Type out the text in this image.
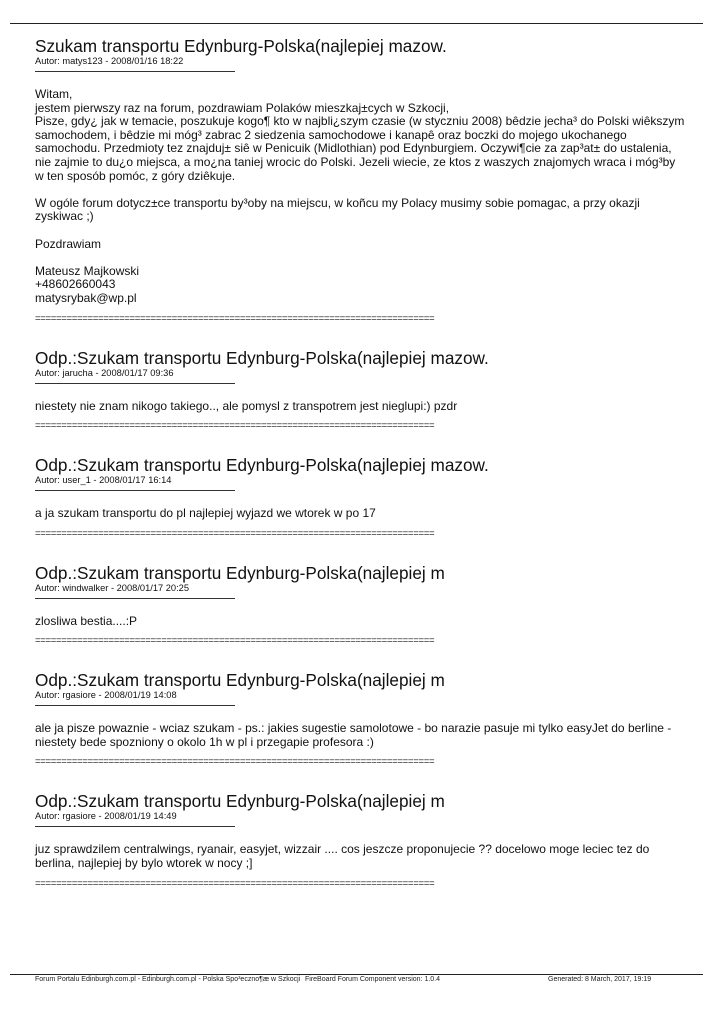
Szukam transportu Edynburg-Polska(najlepiej mazow.
Autor: matys123 - 2008/01/16 18:22

Witam,
jestem pierwszy raz na forum, pozdrawiam Polaków mieszkaj±cych w Szkocji,
Pisze, gdy¿ jak w temacie, poszukuje kogo¶ kto w najbli¿szym czasie (w styczniu 2008) bêdzie jecha³ do Polski wiêkszym samochodem, i bêdzie mi móg³ zabrac 2 siedzenia samochodowe i kanapê oraz boczki do mojego ukochanego samochodu. Przedmioty tez znajduj± siê w Penicuik (Midlothian) pod Edynburgiem. Oczywi¶cie za zap³at± do ustalenia, nie zajmie to du¿o miejsca, a mo¿na taniej wrocic do Polski. Jezeli wiecie, ze ktos z waszych znajomych wraca i móg³by w ten sposób pomóc, z góry dziêkuje.

W ogóle forum dotycz±ce transportu by³oby na miejscu, w koñcu my Polacy musimy sobie pomagac, a przy okazji zyskiwac ;)

Pozdrawiam

Mateusz Majkowski
+48602660043
matysrybak@wp.pl

============================================================================
Odp.:Szukam transportu Edynburg-Polska(najlepiej mazow.
Autor: jarucha - 2008/01/17 09:36

niestety nie znam nikogo takiego.., ale pomysl z transpotrem jest nieglupi:) pzdr

============================================================================
Odp.:Szukam transportu Edynburg-Polska(najlepiej mazow.
Autor: user_1 - 2008/01/17 16:14

a ja szukam transportu do pl najlepiej wyjazd we wtorek w po 17

============================================================================
Odp.:Szukam transportu Edynburg-Polska(najlepiej m
Autor: windwalker - 2008/01/17 20:25

zlosliwa bestia....:P

============================================================================
Odp.:Szukam transportu Edynburg-Polska(najlepiej m
Autor: rgasiore - 2008/01/19 14:08

ale ja pisze powaznie - wciaz szukam - ps.: jakies sugestie samolotowe - bo narazie pasuje mi tylko easyJet do berline - niestety bede spozniony o okolo 1h w pl i przegapie profesora :)

============================================================================
Odp.:Szukam transportu Edynburg-Polska(najlepiej m
Autor: rgasiore - 2008/01/19 14:49

juz sprawdzilem centralwings, ryanair, easyjet, wizzair .... cos jeszcze proponujecie ?? docelowo moge leciec tez do berlina, najlepiej by bylo wtorek w nocy ;]

============================================================================
Forum Portalu Edinburgh.com.pl - Edinburgh.com.pl - Polska Spo³eczno¶æ w Szkocji FireBoard Forum Component version: 1.0.4	Generated: 8 March, 2017, 19:19
